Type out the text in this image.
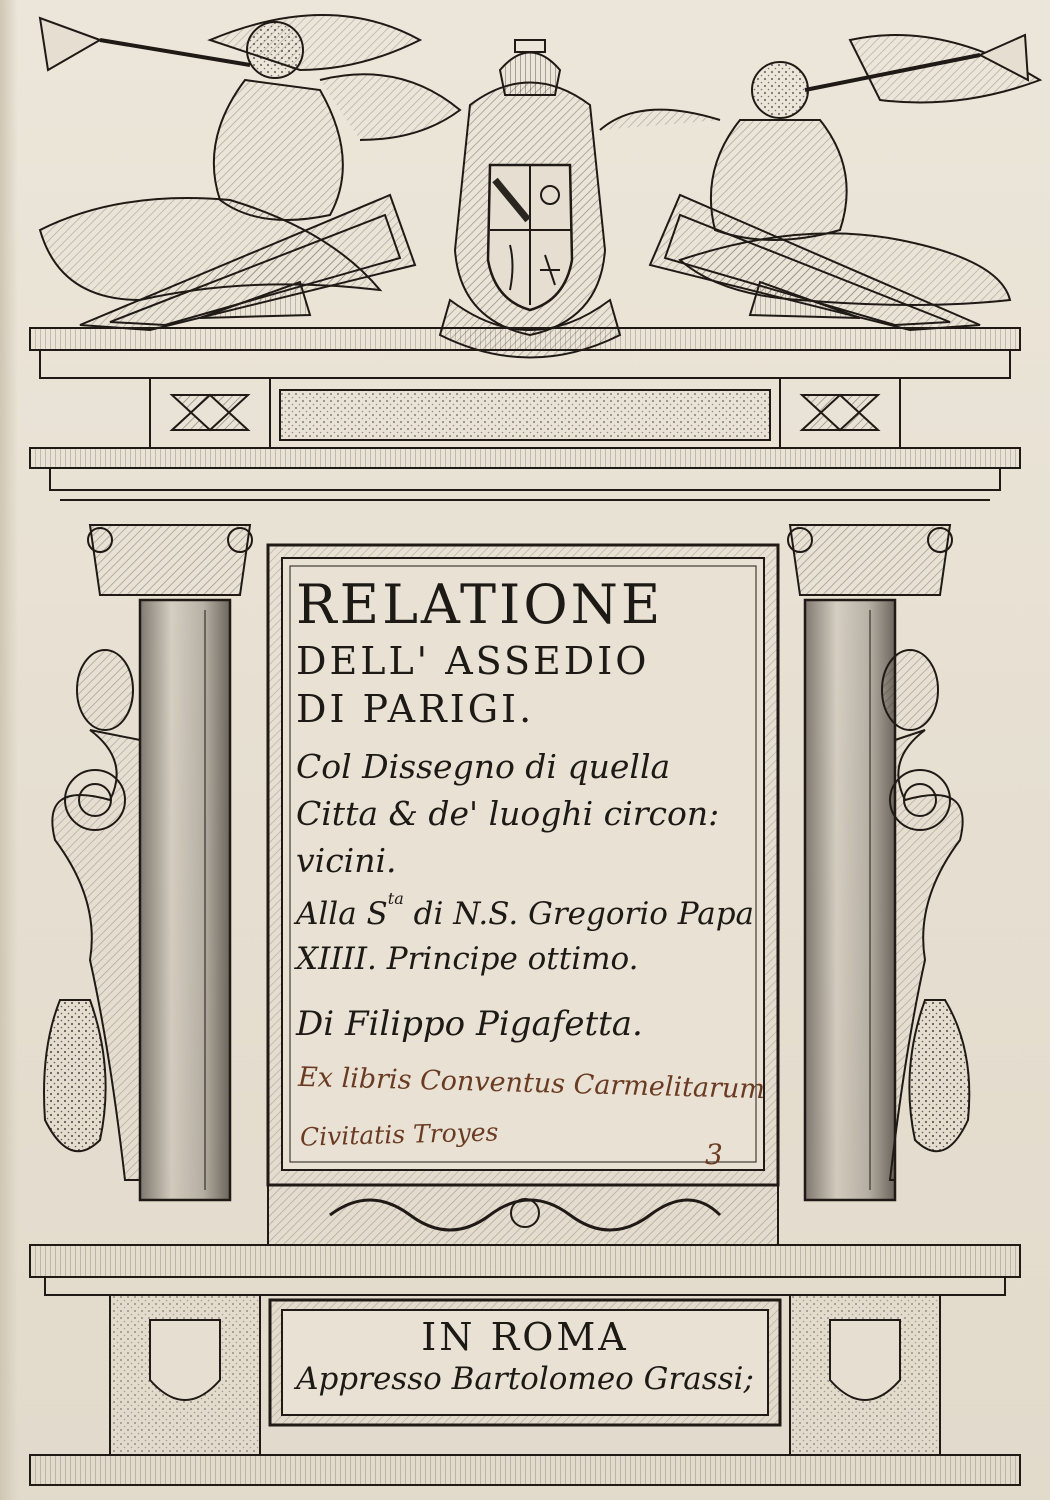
RELATIONE
DELL' ASSEDIO
DI PARIGI.
Col Dissegno di quella
Citta & de' luoghi circon:
vicini.
Alla $S^{ta}$ di N.S. Gregorio Papa
XIIII. Principe ottimo.
Di Filippo Pigafetta.

Ex libris Conventus Carmelitarum

Civitatis Troyes

3

IN ROMA
Appresso Bartolomeo Grassi;
